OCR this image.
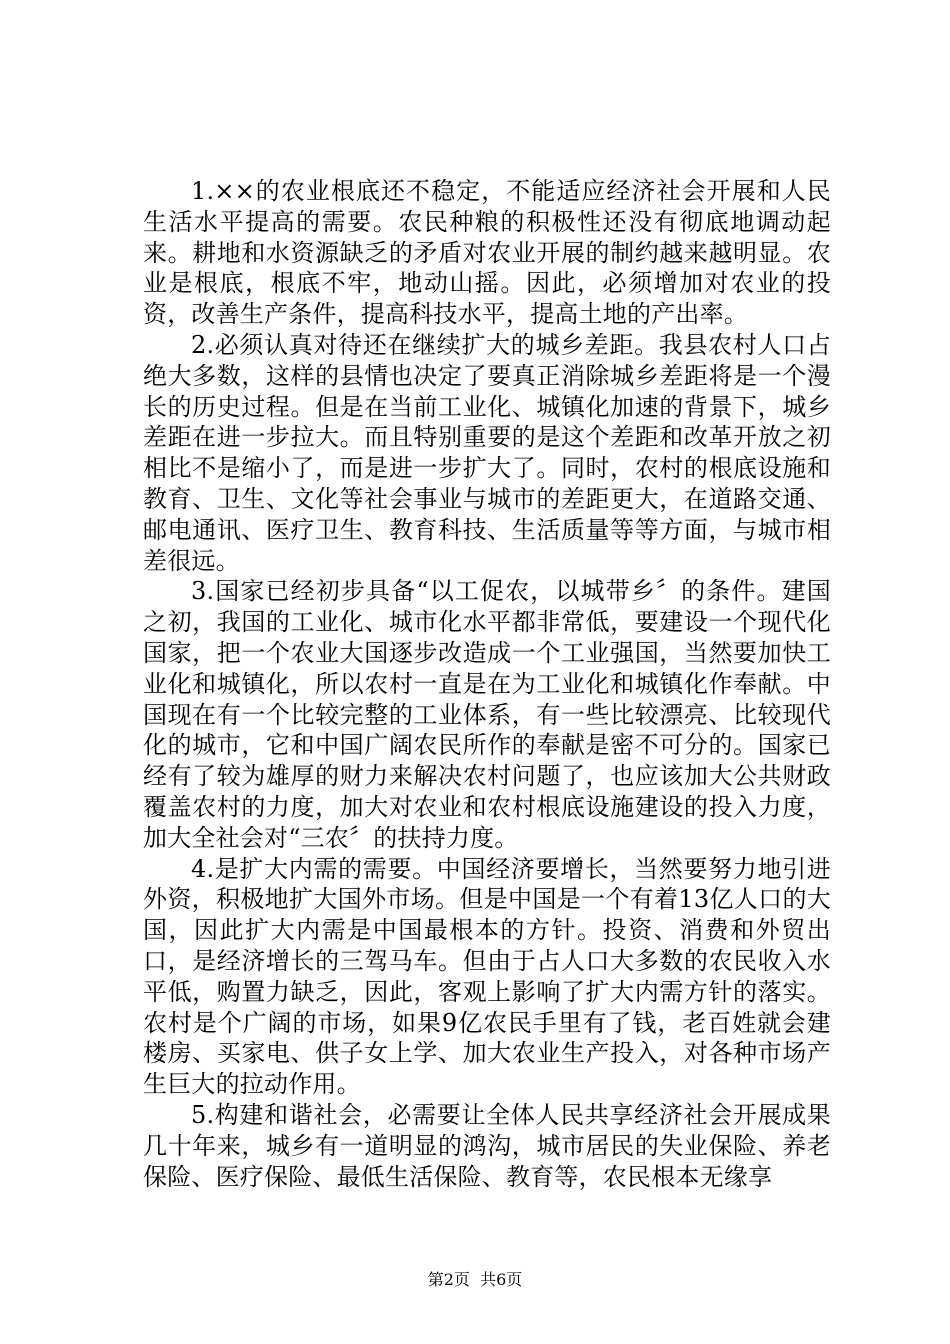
1.××的农业根底还不稳定，不能适应经济社会开展和人民生活水平提高的需要。农民种粮的积极性还没有彻底地调动起来。耕地和水资源缺乏的矛盾对农业开展的制约越来越明显。农业是根底，根底不牢，地动山摇。因此，必须增加对农业的投资，改善生产条件，提高科技水平，提高土地的产出率。

2.必须认真对待还在继续扩大的城乡差距。我县农村人口占绝大多数，这样的县情也决定了要真正消除城乡差距将是一个漫长的历史过程。但是在当前工业化、城镇化加速的背景下，城乡差距在进一步拉大。而且特别重要的是这个差距和改革开放之初相比不是缩小了，而是进一步扩大了。同时，农村的根底设施和教育、卫生、文化等社会事业与城市的差距更大，在道路交通、邮电通讯、医疗卫生、教育科技、生活质量等等方面，与城市相差很远。

3.国家已经初步具备“以工促农，以城带乡〞的条件。建国之初，我国的工业化、城市化水平都非常低，要建设一个现代化国家，把一个农业大国逐步改造成一个工业强国，当然要加快工业化和城镇化，所以农村一直是在为工业化和城镇化作奉献。中国现在有一个比较完整的工业体系，有一些比较漂亮、比较现代化的城市，它和中国广阔农民所作的奉献是密不可分的。国家已经有了较为雄厚的财力来解决农村问题了，也应该加大公共财政覆盖农村的力度，加大对农业和农村根底设施建设的投入力度，加大全社会对“三农〞的扶持力度。

4.是扩大内需的需要。中国经济要增长，当然要努力地引进外资，积极地扩大国外市场。但是中国是一个有着13亿人口的大国，因此扩大内需是中国最根本的方针。投资、消费和外贸出口，是经济增长的三驾马车。但由于占人口大多数的农民收入水平低，购置力缺乏，因此，客观上影响了扩大内需方针的落实。农村是个广阔的市场，如果9亿农民手里有了钱，老百姓就会建楼房、买家电、供子女上学、加大农业生产投入，对各种市场产生巨大的拉动作用。

5.构建和谐社会，必需要让全体人民共享经济社会开展成果几十年来，城乡有一道明显的鸿沟，城市居民的失业保险、养老保险、医疗保险、最低生活保险、教育等，农民根本无缘享

第2页 共6页
